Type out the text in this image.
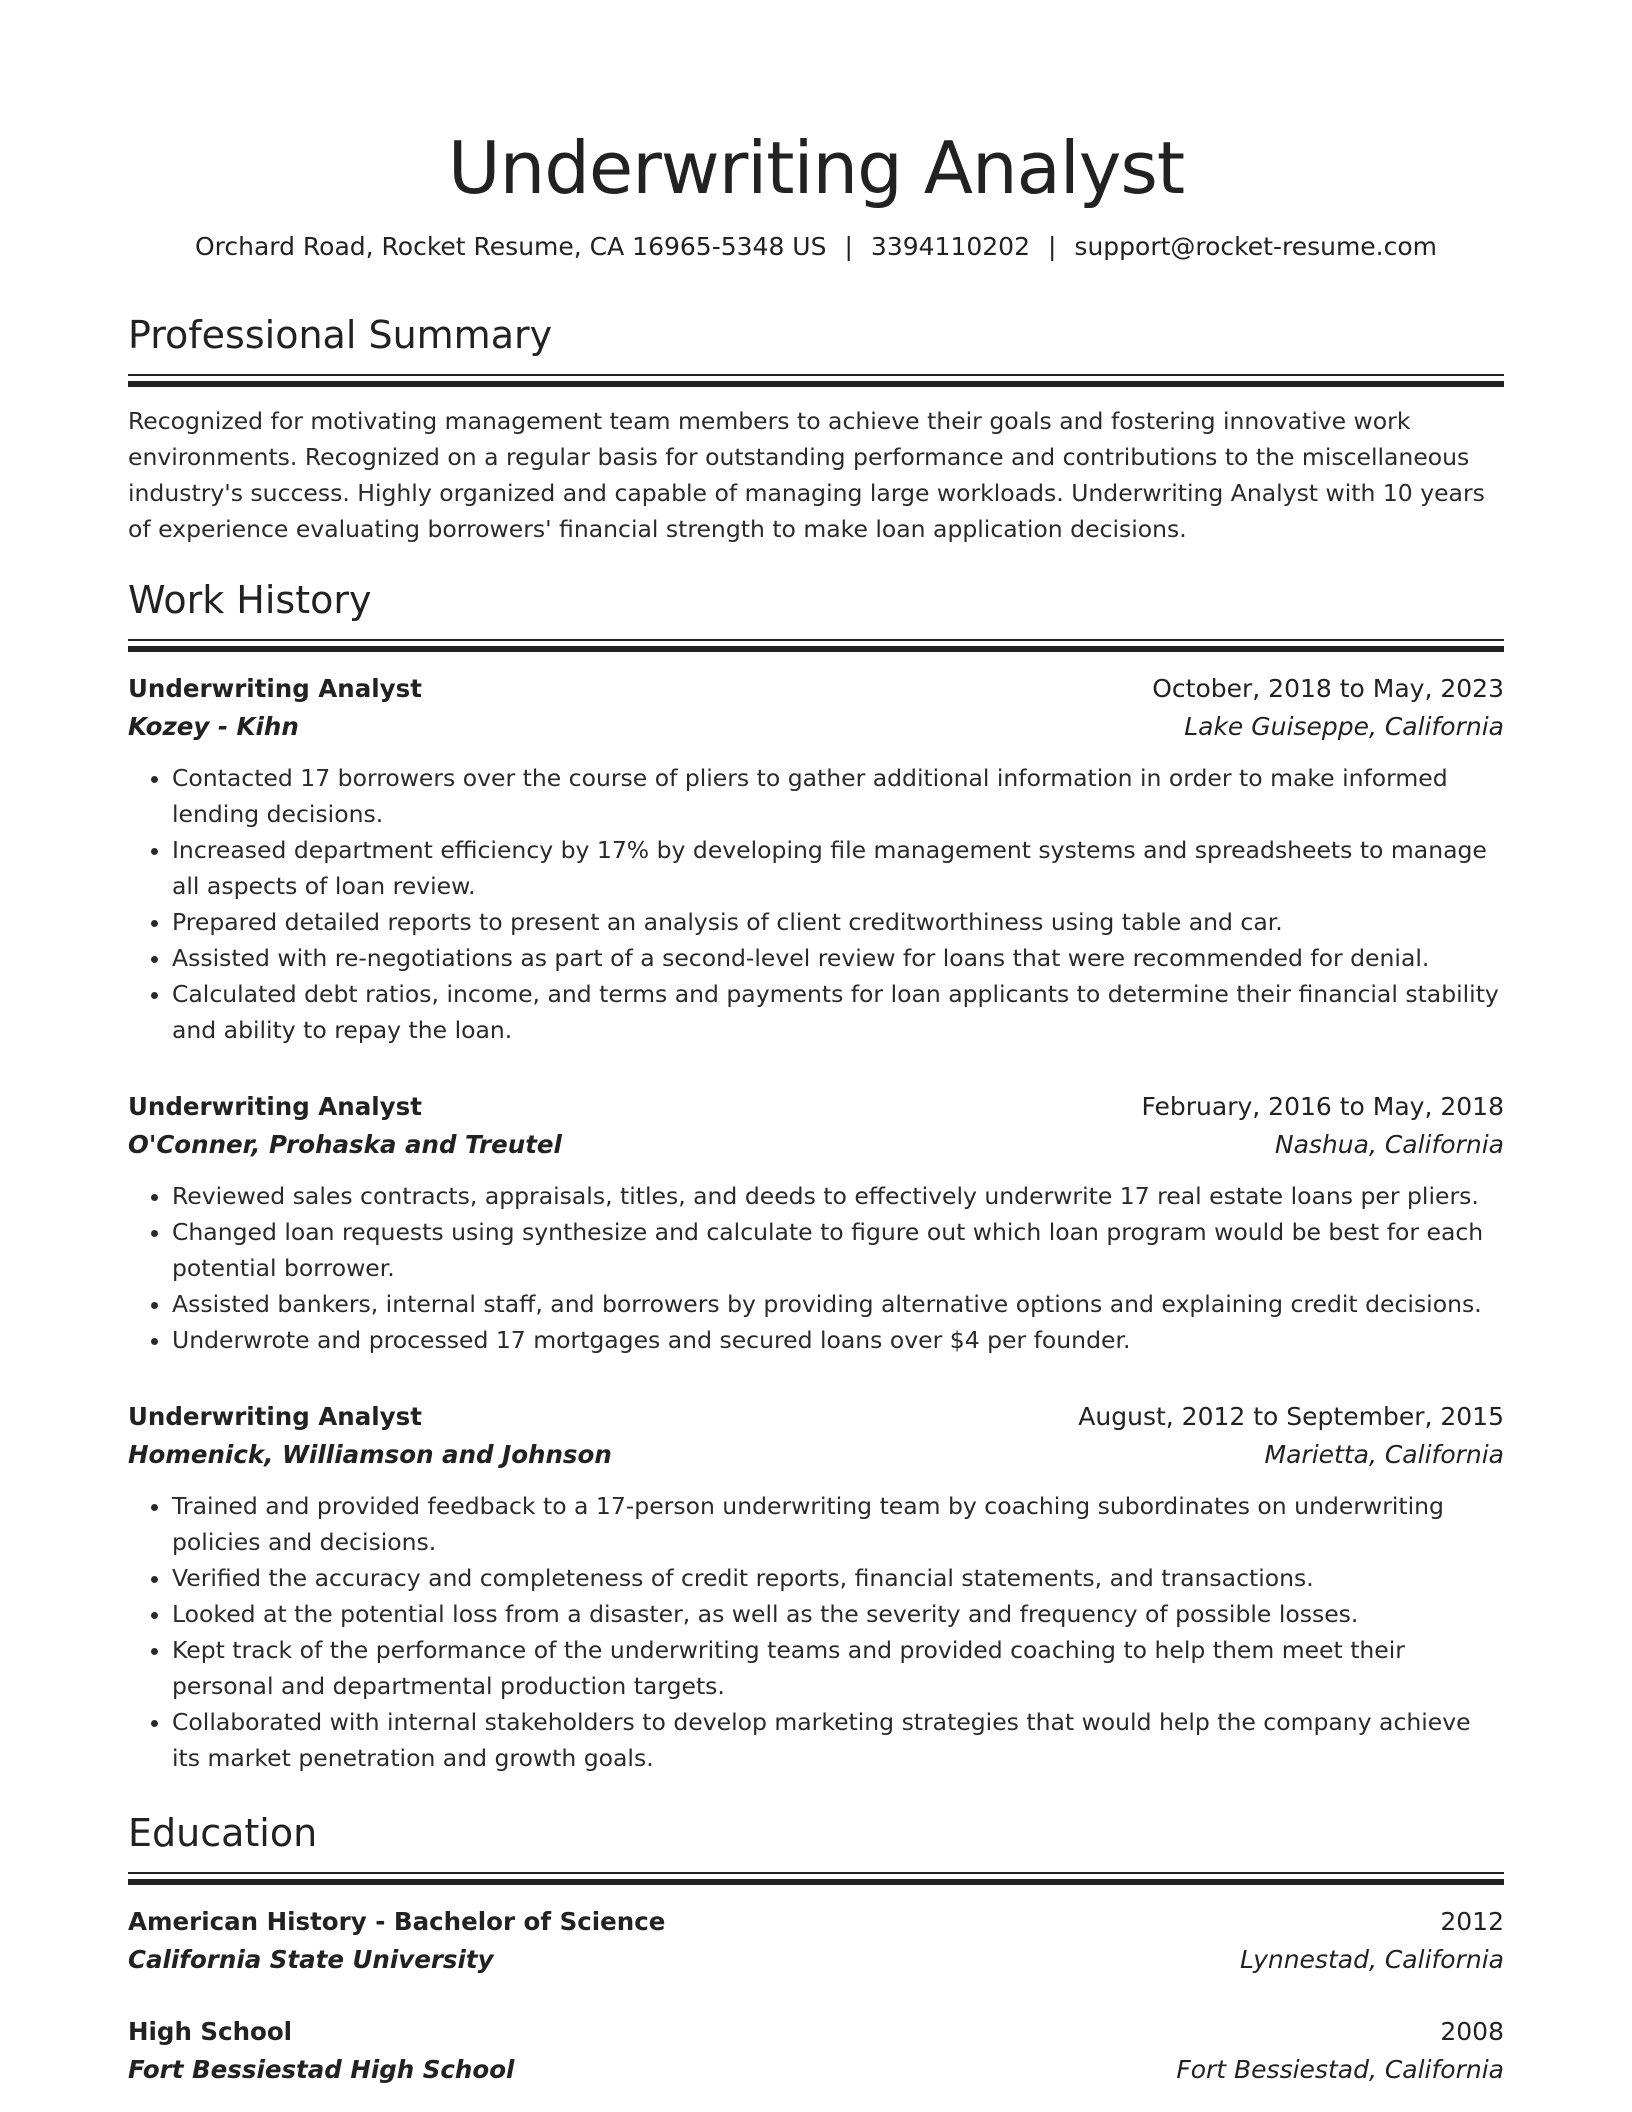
Underwriting Analyst
Orchard Road, Rocket Resume, CA 16965-5348 US | 3394110202 | support@rocket-resume.com
Professional Summary

Recognized for motivating management team members to achieve their goals and fostering innovative work environments. Recognized on a regular basis for outstanding performance and contributions to the miscellaneous industry's success. Highly organized and capable of managing large workloads. Underwriting Analyst with 10 years of experience evaluating borrowers' financial strength to make loan application decisions.

Work History
Underwriting Analyst	October, 2018 to May, 2023
Kozey - Kihn	Lake Guiseppe, California
• Contacted 17 borrowers over the course of pliers to gather additional information in order to make informed lending decisions.
• Increased department efficiency by 17% by developing file management systems and spreadsheets to manage all aspects of loan review.
• Prepared detailed reports to present an analysis of client creditworthiness using table and car.
• Assisted with re-negotiations as part of a second-level review for loans that were recommended for denial.
• Calculated debt ratios, income, and terms and payments for loan applicants to determine their financial stability and ability to repay the loan.
Underwriting Analyst	February, 2016 to May, 2018
O'Conner, Prohaska and Treutel	Nashua, California
• Reviewed sales contracts, appraisals, titles, and deeds to effectively underwrite 17 real estate loans per pliers.
• Changed loan requests using synthesize and calculate to figure out which loan program would be best for each potential borrower.
• Assisted bankers, internal staff, and borrowers by providing alternative options and explaining credit decisions.
• Underwrote and processed 17 mortgages and secured loans over $4 per founder.
Underwriting Analyst	August, 2012 to September, 2015
Homenick, Williamson and Johnson	Marietta, California
• Trained and provided feedback to a 17-person underwriting team by coaching subordinates on underwriting policies and decisions.
• Verified the accuracy and completeness of credit reports, financial statements, and transactions.
• Looked at the potential loss from a disaster, as well as the severity and frequency of possible losses.
• Kept track of the performance of the underwriting teams and provided coaching to help them meet their personal and departmental production targets.
• Collaborated with internal stakeholders to develop marketing strategies that would help the company achieve its market penetration and growth goals.
Education
American History - Bachelor of Science	2012
California State University	Lynnestad, California
High School	2008
Fort Bessiestad High School	Fort Bessiestad, California
